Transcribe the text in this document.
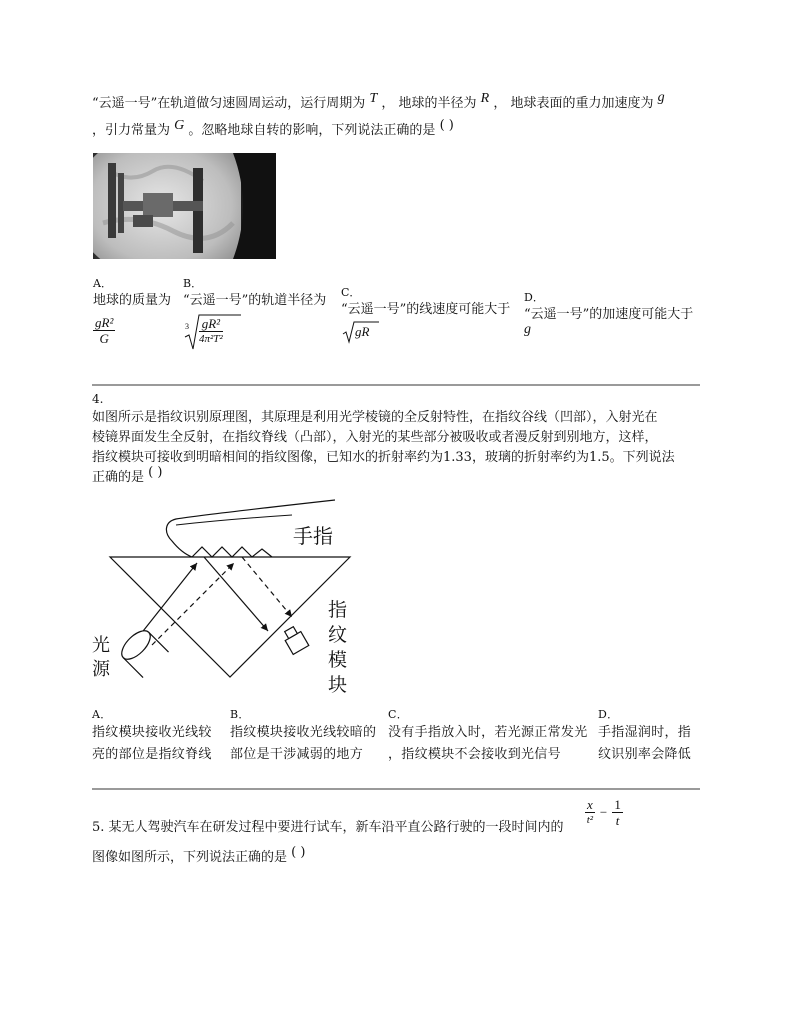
“云遥一号”在轨道做匀速圆周运动，运行周期为 T ， 地球的半径为 R ， 地球表面的重力加速度为 g
，引力常量为 G 。忽略地球自转的影响，下列说法正确的是 ( )
A．
地球的质量为
$\frac{\text{gR²}}{G}$
B．
“云遥一号”的轨道半径为
3 gR²
4π²T²
C．
“云遥一号”的线速度可能大于
gR
D．
“云遥一号”的加速度可能大于
g
4.
如图所示是指纹识别原理图，其原理是利用光学棱镜的全反射特性，在指纹谷线（凹部），入射光在
棱镜界面发生全反射，在指纹脊线（凸部），入射光的某些部分被吸收或者漫反射到别地方，这样，
指纹模块可接收到明暗相间的指纹图像，已知水的折射率约为1.33，玻璃的折射率约为1.5。下列说法
正确的是 ( )
手指
光
源
指
纹
模
块
A．
指纹模块接收光线较
亮的部位是指纹脊线
B．
指纹模块接收光线较暗的
部位是干涉减弱的地方
C．
没有手指放入时，若光源正常发光
，指纹模块不会接收到光信号
D．
手指湿润时，指
纹识别率会降低
5. 某无人驾驶汽车在研发过程中要进行试车，新车沿平直公路行驶的一段时间内的 $\frac{x}{\text{t²}} - \frac{1}{t}$
图像如图所示，下列说法正确的是 ( )
